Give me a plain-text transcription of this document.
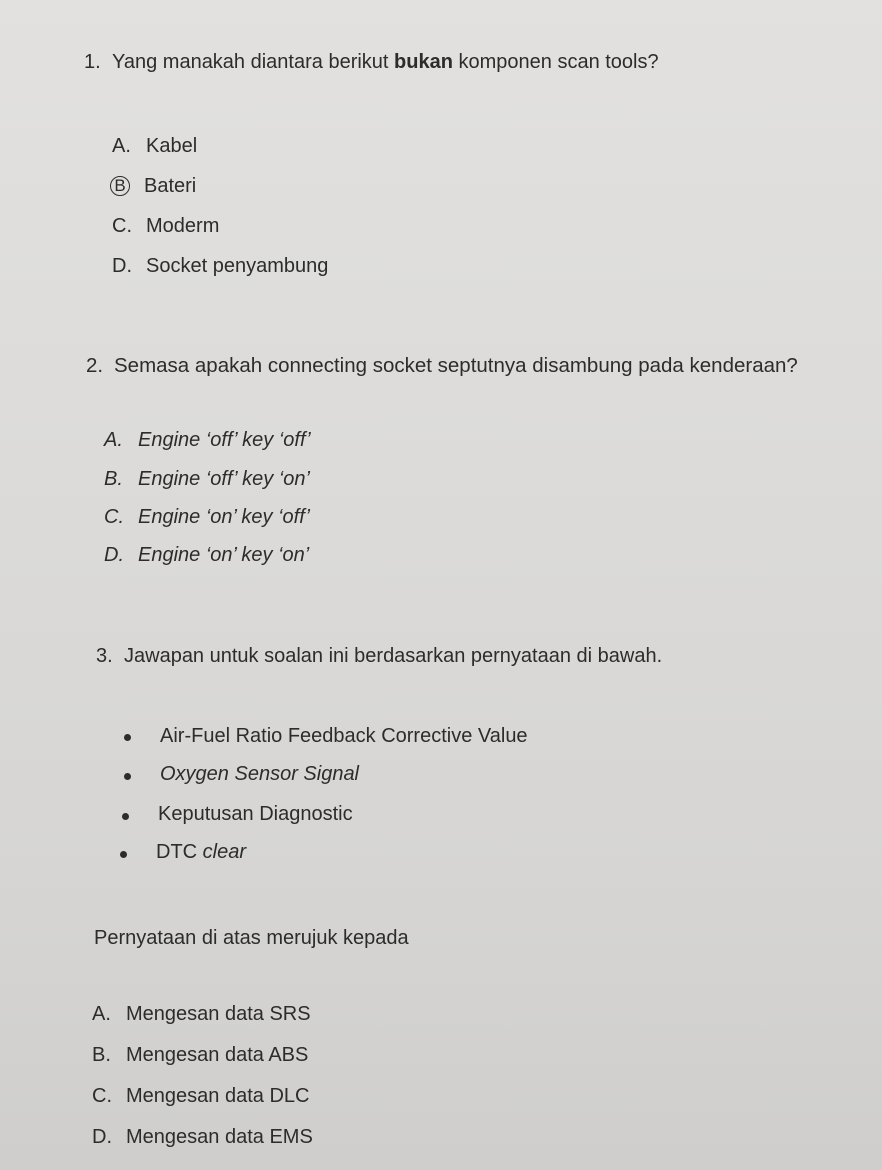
1. Yang manakah diantara berikut bukan komponen scan tools?
A. Kabel
B Bateri
C. Moderm
D. Socket penyambung
2. Semasa apakah connecting socket septutnya disambung pada kenderaan?
A. Engine ‘off’ key ‘off’
B. Engine ‘off’ key ‘on’
C. Engine ‘on’ key ‘off’
D. Engine ‘on’ key ‘on’
3. Jawapan untuk soalan ini berdasarkan pernyataan di bawah.
Air-Fuel Ratio Feedback Corrective Value
Oxygen Sensor Signal
Keputusan Diagnostic
DTC clear
Pernyataan di atas merujuk kepada
A. Mengesan data SRS
B. Mengesan data ABS
C. Mengesan data DLC
D. Mengesan data EMS
